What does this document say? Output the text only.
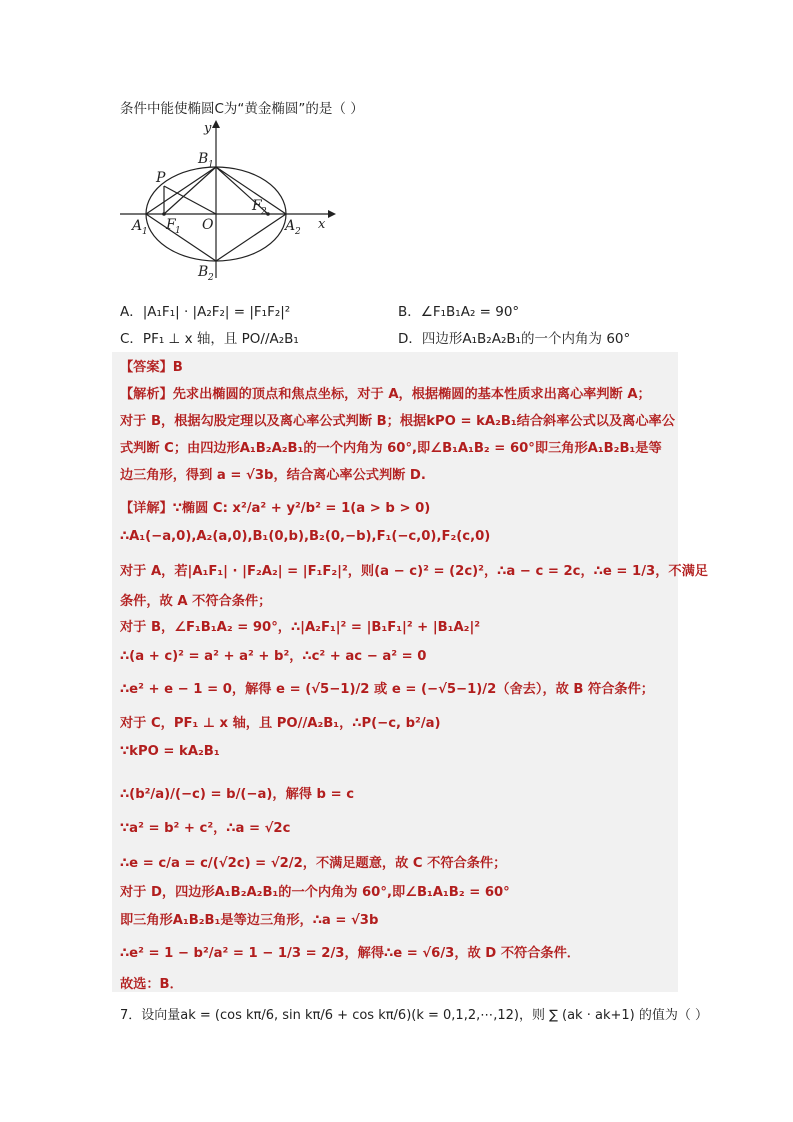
条件中能使椭圆C为“黄金椭圆”的是（ ）
y
x
B 1
B 2
A 1	A 2
F 1
F 2
O
P
A．|A₁F₁| · |A₂F₂| = |F₁F₂|²	B．∠F₁B₁A₂ = 90°
C．PF₁ ⊥ x 轴，且 PO//A₂B₁	D．四边形A₁B₂A₂B₁的一个内角为 60°
【答案】B
【解析】先求出椭圆的顶点和焦点坐标，对于 A，根据椭圆的基本性质求出离心率判断 A；
对于 B，根据勾股定理以及离心率公式判断 B；根据kPO = kA₂B₁结合斜率公式以及离心率公
式判断 C；由四边形A₁B₂A₂B₁的一个内角为 60°,即∠B₁A₁B₂ = 60°即三角形A₁B₂B₁是等
边三角形，得到 a = √3b，结合离心率公式判断 D.
【详解】∵椭圆 C: x²/a² + y²/b² = 1(a > b > 0)
∴A₁(−a,0),A₂(a,0),B₁(0,b),B₂(0,−b),F₁(−c,0),F₂(c,0)
对于 A，若|A₁F₁| · |F₂A₂| = |F₁F₂|²，则(a − c)² = (2c)²，∴a − c = 2c，∴e = 1/3，不满足
条件，故 A 不符合条件；
对于 B，∠F₁B₁A₂ = 90°，∴|A₂F₁|² = |B₁F₁|² + |B₁A₂|²
∴(a + c)² = a² + a² + b²，∴c² + ac − a² = 0
∴e² + e − 1 = 0，解得 e = (√5−1)/2 或 e = (−√5−1)/2（舍去），故 B 符合条件；
对于 C，PF₁ ⊥ x 轴，且 PO//A₂B₁，∴P(−c, b²/a)
∵kPO = kA₂B₁
∴(b²/a)/(−c) = b/(−a)，解得 b = c
∵a² = b² + c²，∴a = √2c
∴e = c/a = c/(√2c) = √2/2，不满足题意，故 C 不符合条件；
对于 D，四边形A₁B₂A₂B₁的一个内角为 60°,即∠B₁A₁B₂ = 60°
即三角形A₁B₂B₁是等边三角形，∴a = √3b
∴e² = 1 − b²/a² = 1 − 1/3 = 2/3，解得∴e = √6/3，故 D 不符合条件．
故选：B．
7．设向量ak = (cos kπ/6, sin kπ/6 + cos kπ/6)(k = 0,1,2,⋯,12)，则 ∑ (ak · ak+1) 的值为（ ）
